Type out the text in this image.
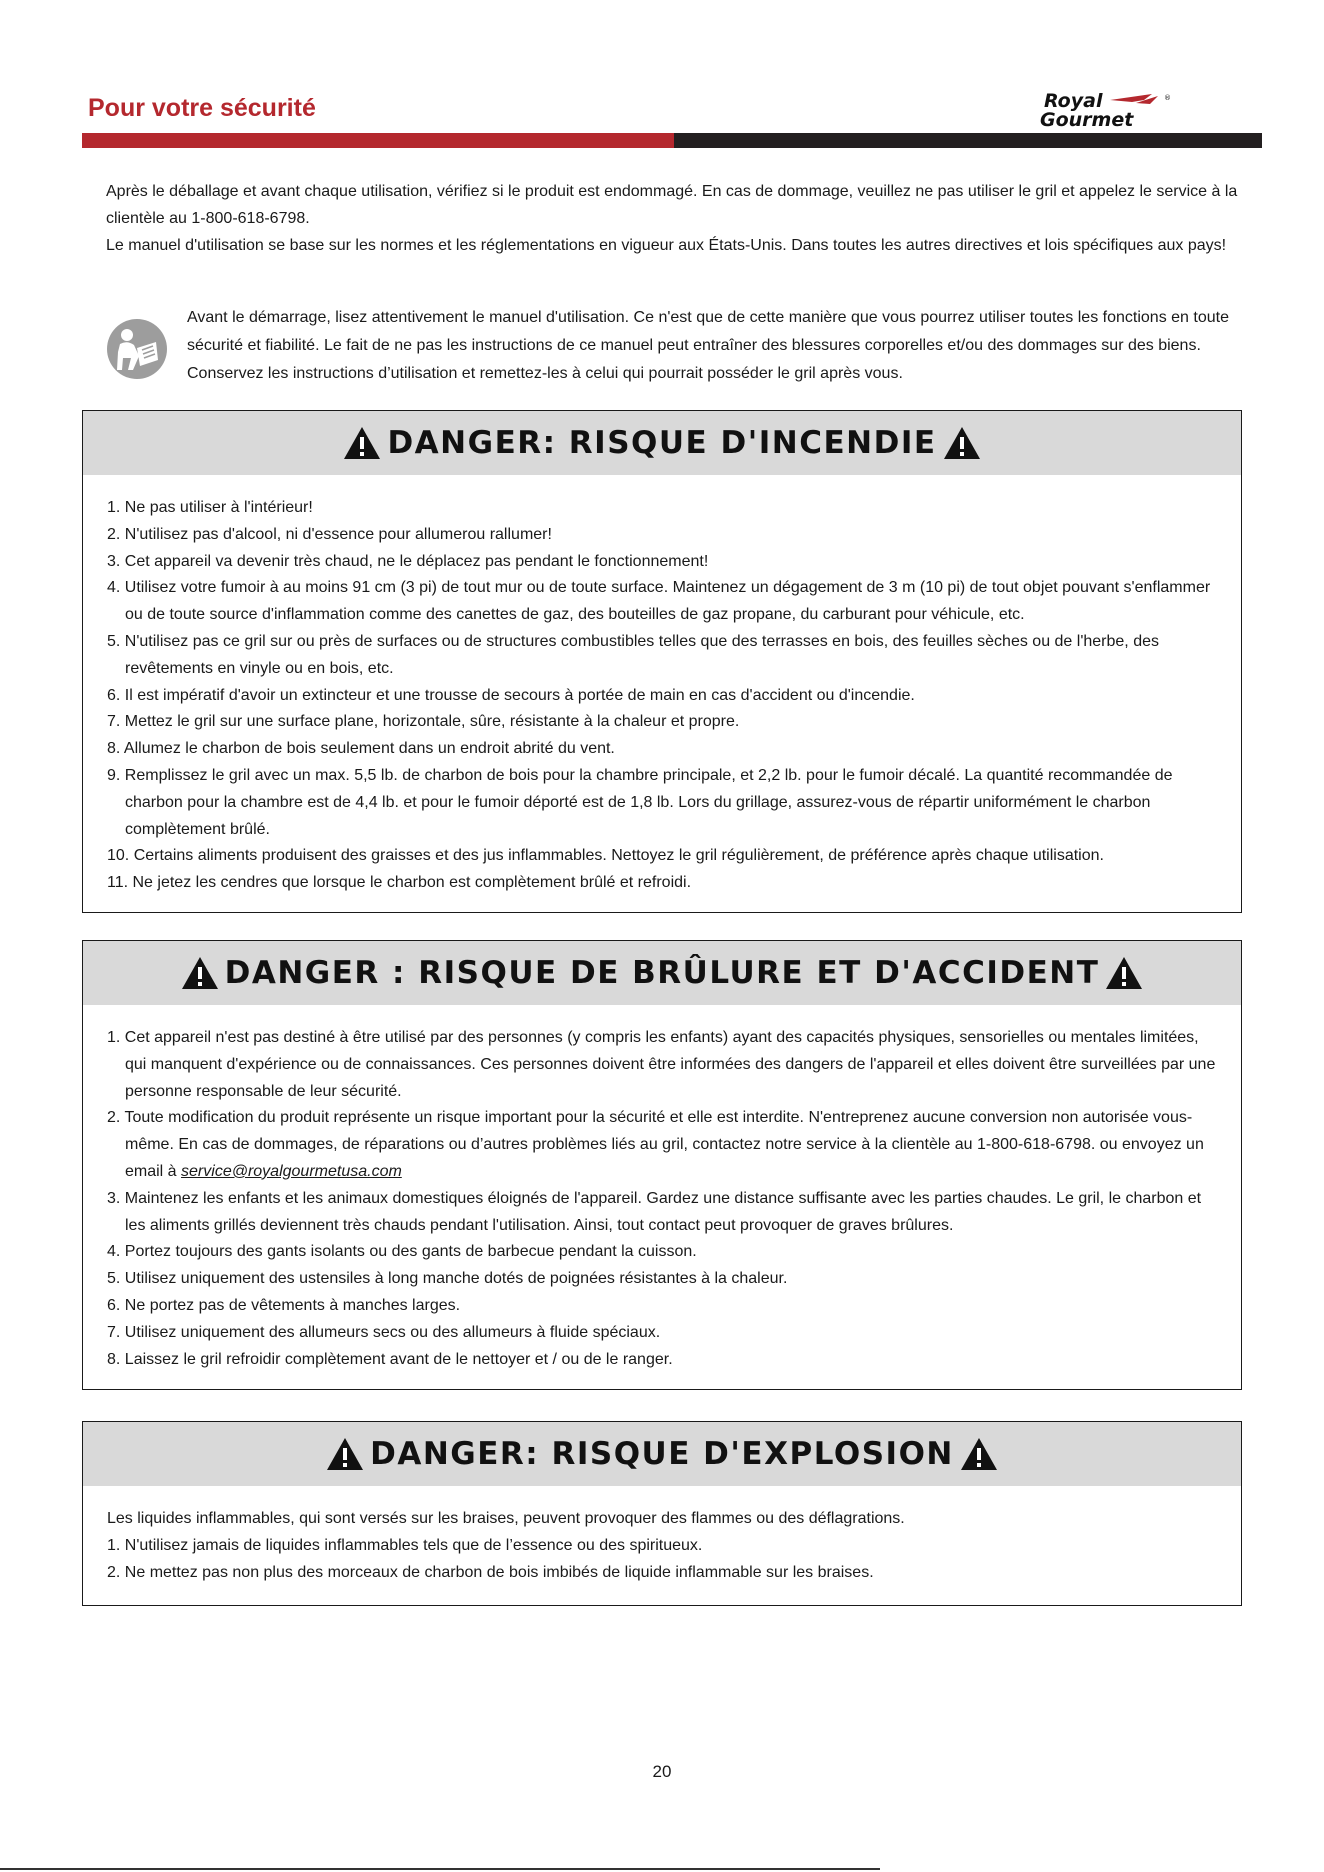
Pour votre sécurité	Royal
Gourmet
®

Après le déballage et avant chaque utilisation, vérifiez si le produit est endommagé. En cas de dommage, veuillez ne pas utiliser le gril et appelez le service à la clientèle au 1-800-618-6798.

Le manuel d'utilisation se base sur les normes et les réglementations en vigueur aux États-Unis. Dans toutes les autres directives et lois spécifiques aux pays!

Avant le démarrage, lisez attentivement le manuel d'utilisation. Ce n'est que de cette manière que vous pourrez utiliser toutes les fonctions en toute sécurité et fiabilité. Le fait de ne pas les instructions de ce manuel peut entraîner des blessures corporelles et/ou des dommages sur des biens. Conservez les instructions d’utilisation et remettez-les à celui qui pourrait posséder le gril après vous.
DANGER: RISQUE D'INCENDIE
1. Ne pas utiliser à l'intérieur!
2. N'utilisez pas d'alcool, ni d'essence pour allumerou rallumer!
3. Cet appareil va devenir très chaud, ne le déplacez pas pendant le fonctionnement!
4. Utilisez votre fumoir à au moins 91 cm (3 pi) de tout mur ou de toute surface. Maintenez un dégagement de 3 m (10 pi) de tout objet pouvant s'enflammer ou de toute source d'inflammation comme des canettes de gaz, des bouteilles de gaz propane, du carburant pour véhicule, etc.
5. N'utilisez pas ce gril sur ou près de surfaces ou de structures combustibles telles que des terrasses en bois, des feuilles sèches ou de l'herbe, des revêtements en vinyle ou en bois, etc.
6. Il est impératif d'avoir un extincteur et une trousse de secours à portée de main en cas d'accident ou d'incendie.
7. Mettez le gril sur une surface plane, horizontale, sûre, résistante à la chaleur et propre.
8. Allumez le charbon de bois seulement dans un endroit abrité du vent.
9. Remplissez le gril avec un max. 5,5 lb. de charbon de bois pour la chambre principale, et 2,2 lb. pour le fumoir décalé. La quantité recommandée de charbon pour la chambre est de 4,4 lb. et pour le fumoir déporté est de 1,8 lb. Lors du grillage, assurez-vous de répartir uniformément le charbon complètement brûlé.
10. Certains aliments produisent des graisses et des jus inflammables. Nettoyez le gril régulièrement, de préférence après chaque utilisation.
11. Ne jetez les cendres que lorsque le charbon est complètement brûlé et refroidi.
DANGER : RISQUE DE BRÛLURE ET D'ACCIDENT
1. Cet appareil n'est pas destiné à être utilisé par des personnes (y compris les enfants) ayant des capacités physiques, sensorielles ou mentales limitées, qui manquent d'expérience ou de connaissances. Ces personnes doivent être informées des dangers de l'appareil et elles doivent être surveillées par une personne responsable de leur sécurité.
2. Toute modification du produit représente un risque important pour la sécurité et elle est interdite. N'entreprenez aucune conversion non autorisée vous-même. En cas de dommages, de réparations ou d’autres problèmes liés au gril, contactez notre service à la clientèle au 1-800-618-6798. ou envoyez un email à service@royalgourmetusa.com
3. Maintenez les enfants et les animaux domestiques éloignés de l'appareil. Gardez une distance suffisante avec les parties chaudes. Le gril, le charbon et les aliments grillés deviennent très chauds pendant l'utilisation. Ainsi, tout contact peut provoquer de graves brûlures.
4. Portez toujours des gants isolants ou des gants de barbecue pendant la cuisson.
5. Utilisez uniquement des ustensiles à long manche dotés de poignées résistantes à la chaleur.
6. Ne portez pas de vêtements à manches larges.
7. Utilisez uniquement des allumeurs secs ou des allumeurs à fluide spéciaux.
8. Laissez le gril refroidir complètement avant de le nettoyer et / ou de le ranger.
DANGER: RISQUE D'EXPLOSION

Les liquides inflammables, qui sont versés sur les braises, peuvent provoquer des flammes ou des déflagrations.

1. N'utilisez jamais de liquides inflammables tels que de l’essence ou des spiritueux.
2. Ne mettez pas non plus des morceaux de charbon de bois imbibés de liquide inflammable sur les braises.
20
